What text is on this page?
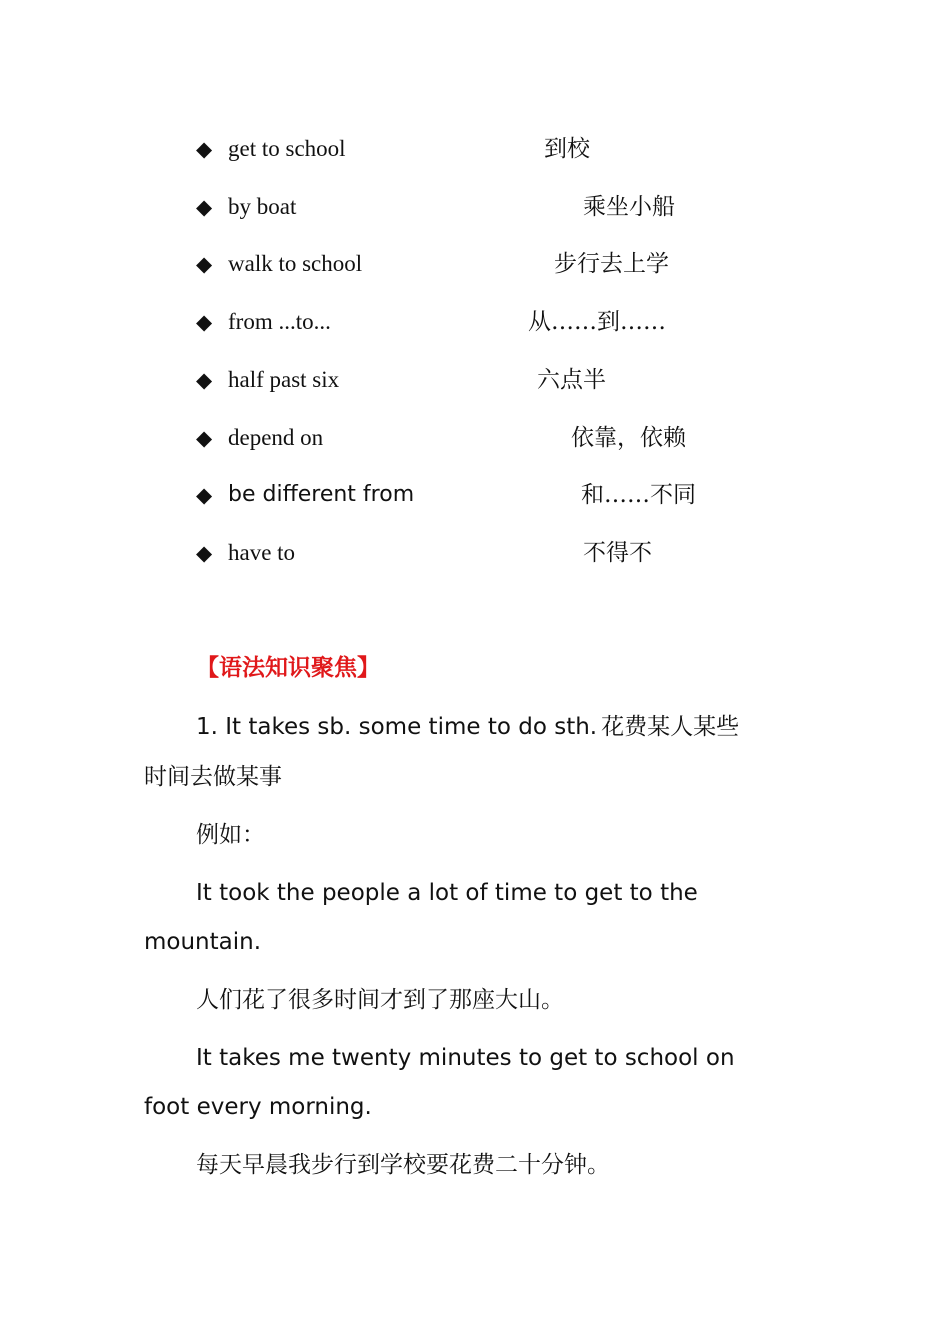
◆ get to school	到校
◆ by boat	乘坐小船
◆ walk to school	步行去上学
◆ from ...to...	从……到……
◆ half past six	六点半
◆ depend on	依靠，依赖
◆ be different from	和……不同
◆ have to	不得不
【语法知识聚焦】
1. It takes sb. some time to do sth. 花费某人某些
时间去做某事
例如：
It took the people a lot of time to get to the
mountain.
人们花了很多时间才到了那座大山。
It takes me twenty minutes to get to school on
foot every morning.
每天早晨我步行到学校要花费二十分钟。
